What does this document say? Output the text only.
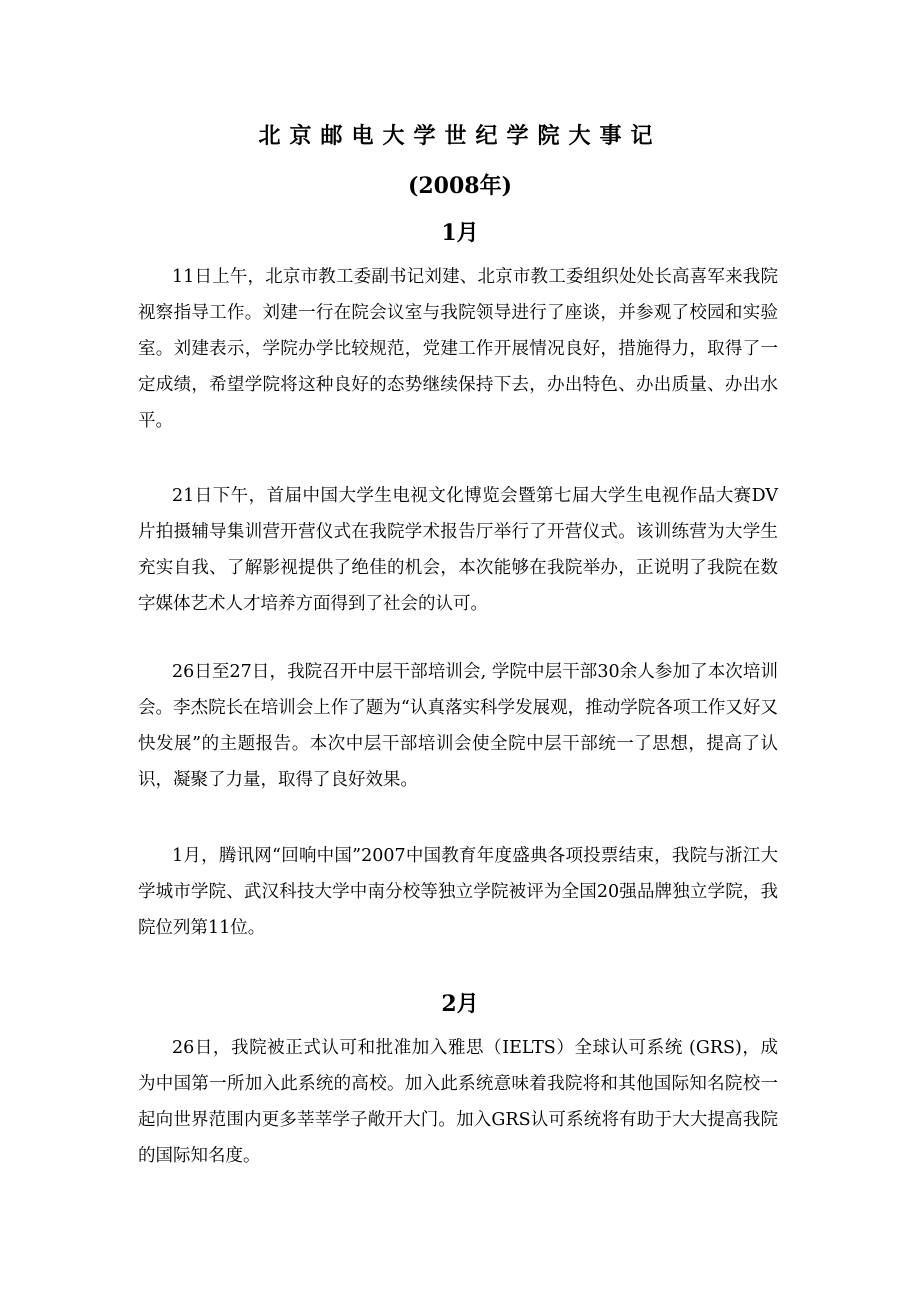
北京邮电大学世纪学院大事记
(2008年)
1月
11日上午，北京市教工委副书记刘建、北京市教工委组织处处长高喜军来我院视察指导工作。刘建一行在院会议室与我院领导进行了座谈，并参观了校园和实验室。刘建表示，学院办学比较规范，党建工作开展情况良好，措施得力，取得了一定成绩，希望学院将这种良好的态势继续保持下去，办出特色、办出质量、办出水平。
21日下午，首届中国大学生电视文化博览会暨第七届大学生电视作品大赛DV片拍摄辅导集训营开营仪式在我院学术报告厅举行了开营仪式。该训练营为大学生充实自我、了解影视提供了绝佳的机会，本次能够在我院举办，正说明了我院在数字媒体艺术人才培养方面得到了社会的认可。
26日至27日，我院召开中层干部培训会, 学院中层干部30余人参加了本次培训会。李杰院长在培训会上作了题为“认真落实科学发展观，推动学院各项工作又好又快发展”的主题报告。本次中层干部培训会使全院中层干部统一了思想，提高了认识，凝聚了力量，取得了良好效果。
1月，腾讯网“回响中国”2007中国教育年度盛典各项投票结束，我院与浙江大学城市学院、武汉科技大学中南分校等独立学院被评为全国20强品牌独立学院，我院位列第11位。
2月
26日，我院被正式认可和批准加入雅思（IELTS）全球认可系统 (GRS)，成为中国第一所加入此系统的高校。加入此系统意味着我院将和其他国际知名院校一起向世界范围内更多莘莘学子敞开大门。加入GRS认可系统将有助于大大提高我院的国际知名度。
